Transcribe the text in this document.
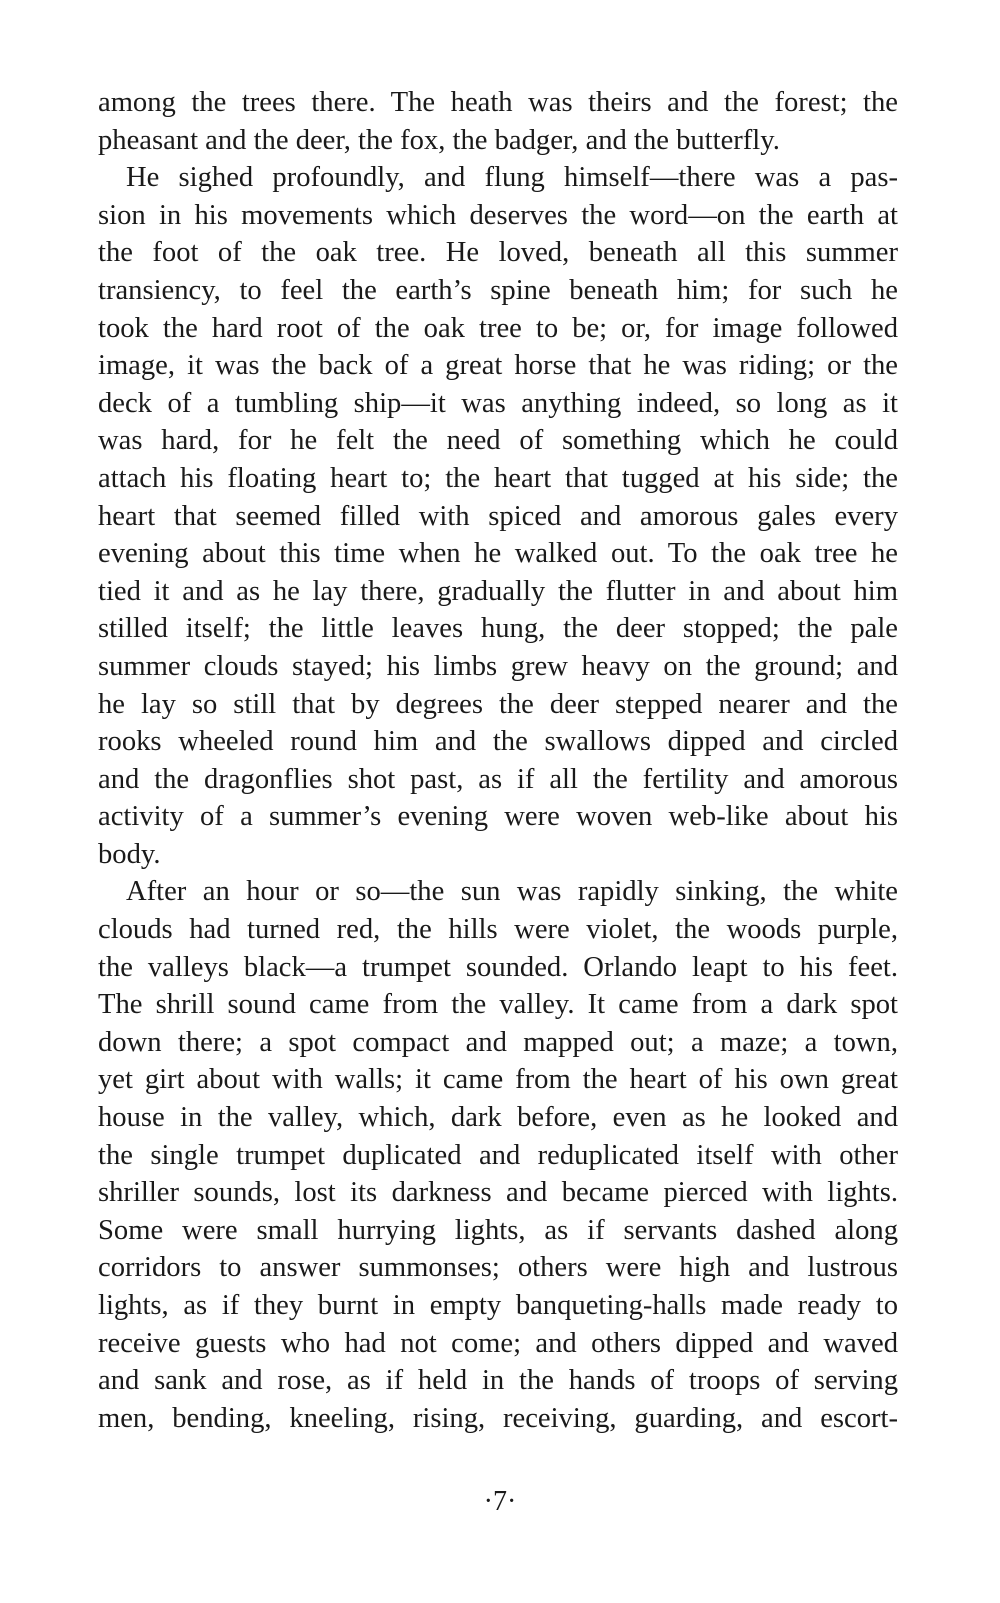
among the trees there. The heath was theirs and the forest; the
pheasant and the deer, the fox, the badger, and the butterfly.
He sighed profoundly, and flung himself—there was a pas-
sion in his movements which deserves the word—on the earth at
the foot of the oak tree. He loved, beneath all this summer
transiency, to feel the earth’s spine beneath him; for such he
took the hard root of the oak tree to be; or, for image followed
image, it was the back of a great horse that he was riding; or the
deck of a tumbling ship—it was anything indeed, so long as it
was hard, for he felt the need of something which he could
attach his floating heart to; the heart that tugged at his side; the
heart that seemed filled with spiced and amorous gales every
evening about this time when he walked out. To the oak tree he
tied it and as he lay there, gradually the flutter in and about him
stilled itself; the little leaves hung, the deer stopped; the pale
summer clouds stayed; his limbs grew heavy on the ground; and
he lay so still that by degrees the deer stepped nearer and the
rooks wheeled round him and the swallows dipped and circled
and the dragonflies shot past, as if all the fertility and amorous
activity of a summer’s evening were woven web-like about his
body.
After an hour or so—the sun was rapidly sinking, the white
clouds had turned red, the hills were violet, the woods purple,
the valleys black—a trumpet sounded. Orlando leapt to his feet.
The shrill sound came from the valley. It came from a dark spot
down there; a spot compact and mapped out; a maze; a town,
yet girt about with walls; it came from the heart of his own great
house in the valley, which, dark before, even as he looked and
the single trumpet duplicated and reduplicated itself with other
shriller sounds, lost its darkness and became pierced with lights.
Some were small hurrying lights, as if servants dashed along
corridors to answer summonses; others were high and lustrous
lights, as if they burnt in empty banqueting-halls made ready to
receive guests who had not come; and others dipped and waved
and sank and rose, as if held in the hands of troops of serving
men, bending, kneeling, rising, receiving, guarding, and escort-
·7·
